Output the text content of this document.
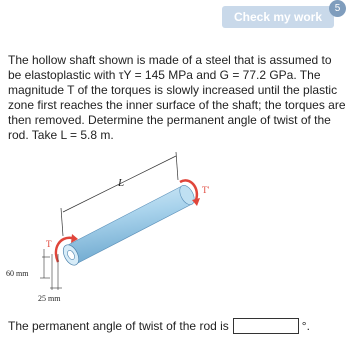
Check my work
5

The hollow shaft shown is made of a steel that is assumed to be elastoplastic with τY = 145 MPa and G = 77.2 GPa. The magnitude T of the torques is slowly increased until the plastic zone first reaches the inner surface of the shaft; the torques are then removed. Determine the permanent angle of twist of the rod. Take L = 5.8 m.

L
T
T'
60 mm
25 mm
The permanent angle of twist of the rod is	°.
